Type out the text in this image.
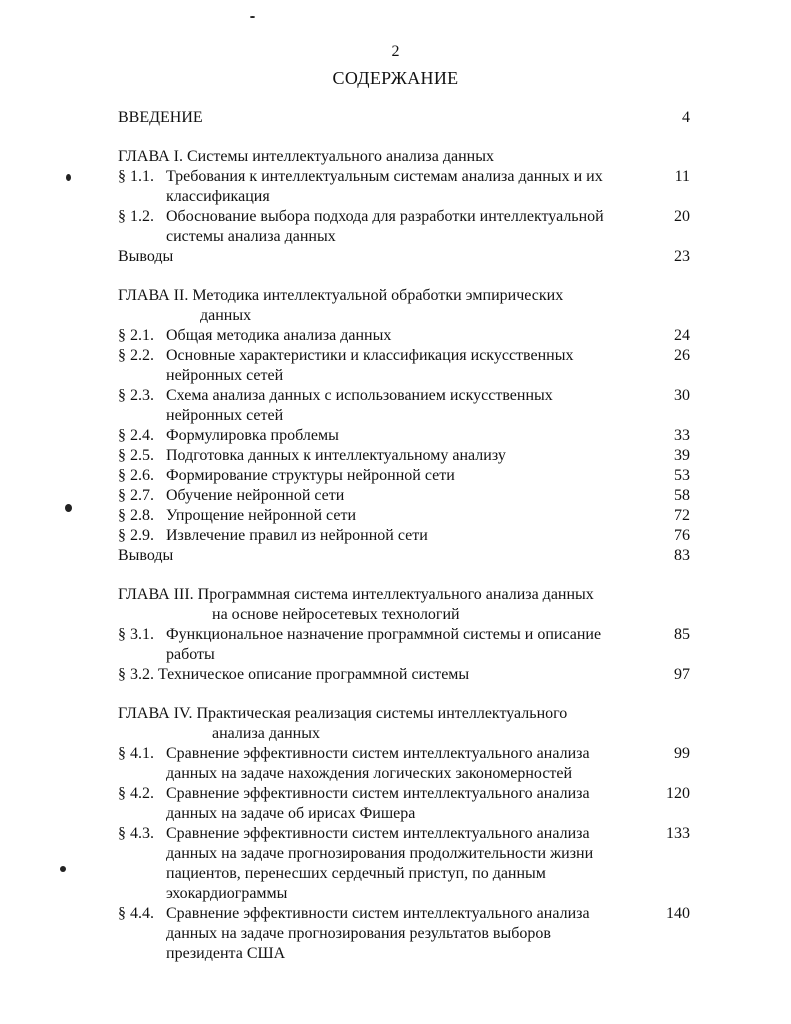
2
СОДЕРЖАНИЕ
ВВЕДЕНИЕ	4
ГЛАВА I. Системы интеллектуального анализа данных
§ 1.1. Требования к интеллектуальным системам анализа данных и их	11
классификация
§ 1.2. Обоснование выбора подхода для разработки интеллектуальной	20
системы анализа данных
Выводы	23
ГЛАВА II. Методика интеллектуальной обработки эмпирических
данных
§ 2.1. Общая методика анализа данных	24
§ 2.2. Основные характеристики и классификация искусственных	26
нейронных сетей
§ 2.3. Схема анализа данных с использованием искусственных	30
нейронных сетей
§ 2.4. Формулировка проблемы	33
§ 2.5. Подготовка данных к интеллектуальному анализу	39
§ 2.6. Формирование структуры нейронной сети	53
§ 2.7. Обучение нейронной сети	58
§ 2.8. Упрощение нейронной сети	72
§ 2.9. Извлечение правил из нейронной сети	76
Выводы	83
ГЛАВА III. Программная система интеллектуального анализа данных
на основе нейросетевых технологий
§ 3.1. Функциональное назначение программной системы и описание	85
работы
§ 3.2. Техническое описание программной системы	97
ГЛАВА IV. Практическая реализация системы интеллектуального
анализа данных
§ 4.1. Сравнение эффективности систем интеллектуального анализа	99
данных на задаче нахождения логических закономерностей
§ 4.2. Сравнение эффективности систем интеллектуального анализа	120
данных на задаче об ирисах Фишера
§ 4.3. Сравнение эффективности систем интеллектуального анализа	133
данных на задаче прогнозирования продолжительности жизни
пациентов, перенесших сердечный приступ, по данным
эхокардиограммы
§ 4.4. Сравнение эффективности систем интеллектуального анализа	140
данных на задаче прогнозирования результатов выборов
президента США
